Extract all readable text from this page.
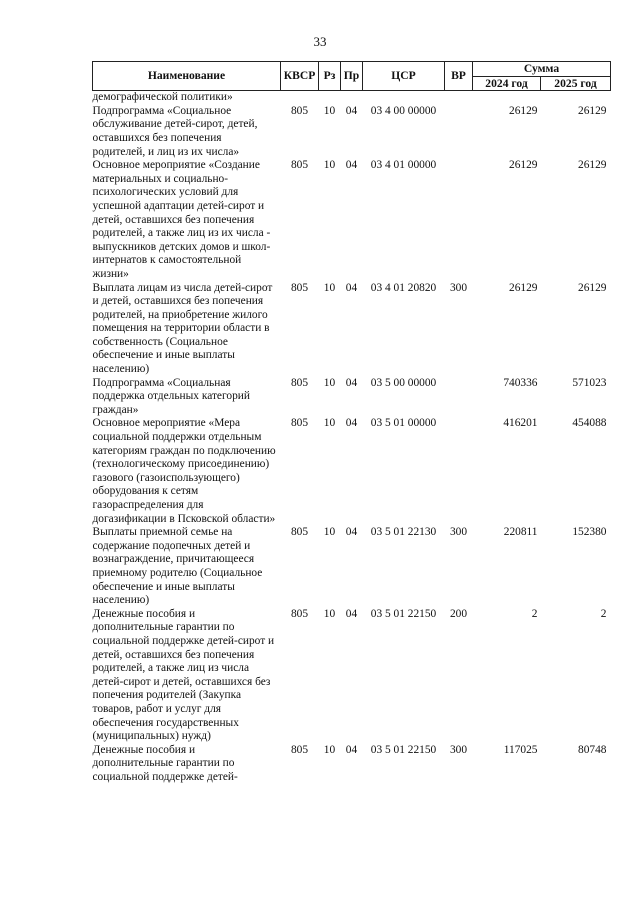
33
Наименование	КВСР	Рз	Пр	ЦСР	ВР	Сумма	
						2024 год	2025 год
демографической политики»							
Подпрограмма «Социальное обслуживание детей-сирот, детей, оставшихся без попечения родителей, и лиц из их числа»	805	10	04	03 4 00 00000		26129	26129
Основное мероприятие «Создание материальных и социально-психологических условий для успешной адаптации детей-сирот и детей, оставшихся без попечения родителей, а также лиц из их числа - выпускников детских домов и школ-интернатов к самостоятельной жизни»	805	10	04	03 4 01 00000		26129	26129
Выплата лицам из числа детей-сирот и детей, оставшихся без попечения родителей, на приобретение жилого помещения на территории области в собственность (Социальное обеспечение и иные выплаты населению)	805	10	04	03 4 01 20820	300	26129	26129
Подпрограмма «Социальная поддержка отдельных категорий граждан»	805	10	04	03 5 00 00000		740336	571023
Основное мероприятие «Мера социальной поддержки отдельным категориям граждан по подключению (технологическому присоединению) газового (газоиспользующего) оборудования к сетям газораспределения для догазификации в Псковской области»	805	10	04	03 5 01 00000		416201	454088
Выплаты приемной семье на содержание подопечных детей и вознаграждение, причитающееся приемному родителю (Социальное обеспечение и иные выплаты населению)	805	10	04	03 5 01 22130	300	220811	152380
Денежные пособия и дополнительные гарантии по социальной поддержке детей-сирот и детей, оставшихся без попечения родителей, а также лиц из числа детей-сирот и детей, оставшихся без попечения родителей (Закупка товаров, работ и услуг для обеспечения государственных (муниципальных) нужд)	805	10	04	03 5 01 22150	200	2	2
Денежные пособия и дополнительные гарантии по социальной поддержке детей-	805	10	04	03 5 01 22150	300	117025	80748
